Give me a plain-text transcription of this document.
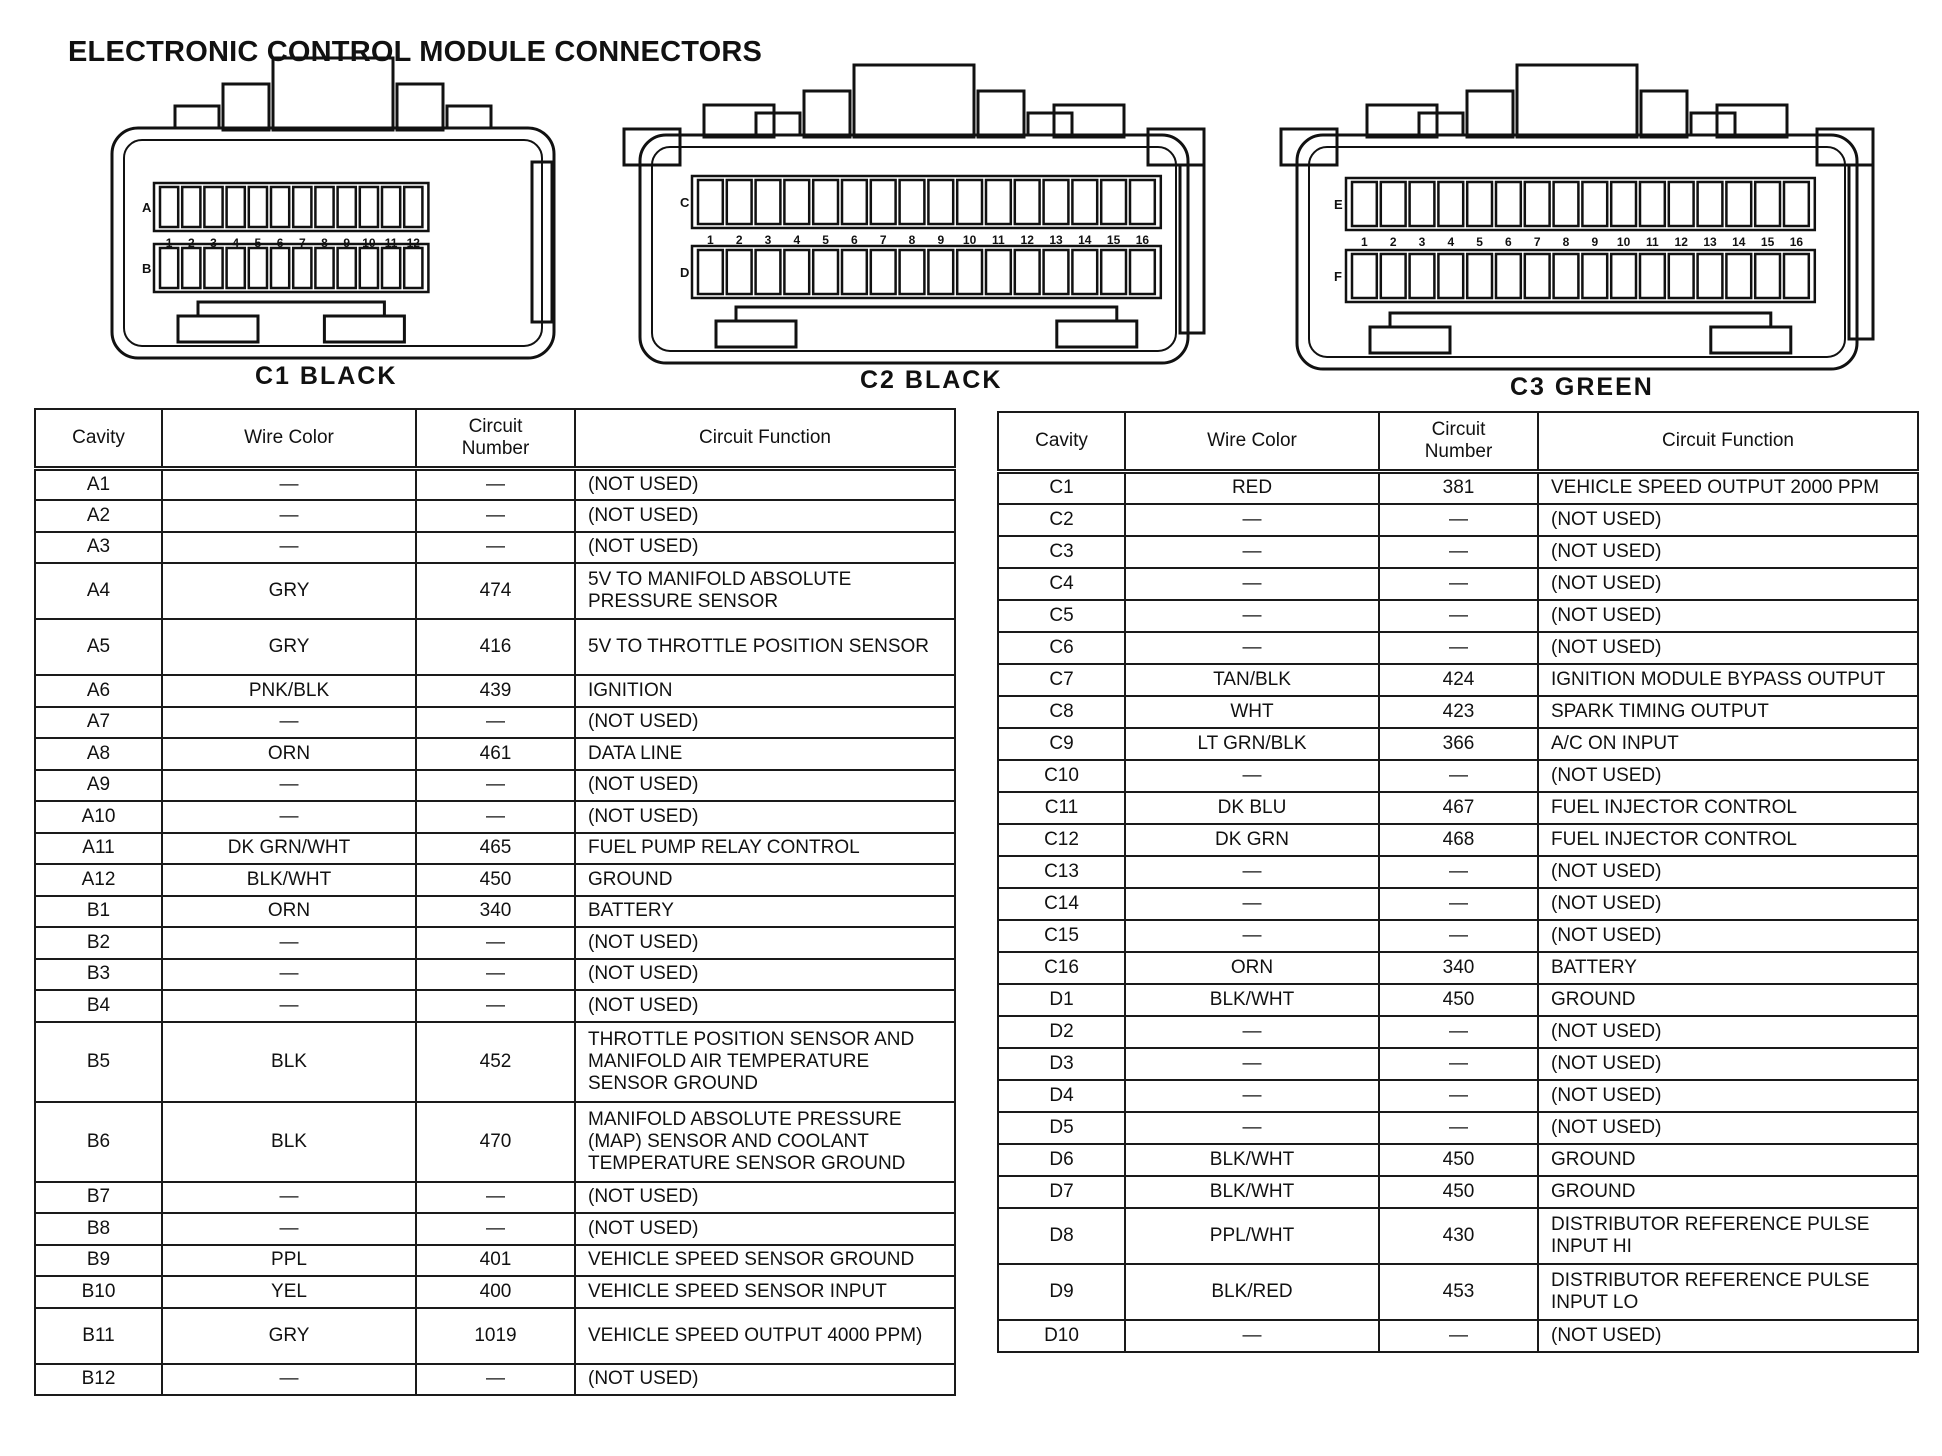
ELECTRONIC CONTROL MODULE CONNECTORS
A
B
1 2 3 4 5 6 7 8 9 10 11 12
C
D
1 2 3 4 5 6 7 8 9 10 11 12 13 14 15 16
E
F
1 2 3 4 5 6 7 8 9 10 11 12 13 14 15 16
C1 BLACK	C2 BLACK	C3 GREEN
Cavity	Wire Color	Circuit
Number	Circuit Function
A1	—	—	(NOT USED)
A2	—	—	(NOT USED)
A3	—	—	(NOT USED)
A4	GRY	474	5V TO MANIFOLD ABSOLUTE PRESSURE SENSOR
A5	GRY	416	5V TO THROTTLE POSITION SENSOR
A6	PNK/BLK	439	IGNITION
A7	—	—	(NOT USED)
A8	ORN	461	DATA LINE
A9	—	—	(NOT USED)
A10	—	—	(NOT USED)
A11	DK GRN/WHT	465	FUEL PUMP RELAY CONTROL
A12	BLK/WHT	450	GROUND
B1	ORN	340	BATTERY
B2	—	—	(NOT USED)
B3	—	—	(NOT USED)
B4	—	—	(NOT USED)
B5	BLK	452	THROTTLE POSITION SENSOR AND MANIFOLD AIR TEMPERATURE SENSOR GROUND
B6	BLK	470	MANIFOLD ABSOLUTE PRESSURE (MAP) SENSOR AND COOLANT TEMPERATURE SENSOR GROUND
B7	—	—	(NOT USED)
B8	—	—	(NOT USED)
B9	PPL	401	VEHICLE SPEED SENSOR GROUND
B10	YEL	400	VEHICLE SPEED SENSOR INPUT
B11	GRY	1019	VEHICLE SPEED OUTPUT 4000 PPM)
B12	—	—	(NOT USED)
Cavity	Wire Color	Circuit
Number	Circuit Function
C1	RED	381	VEHICLE SPEED OUTPUT 2000 PPM
C2	—	—	(NOT USED)
C3	—	—	(NOT USED)
C4	—	—	(NOT USED)
C5	—	—	(NOT USED)
C6	—	—	(NOT USED)
C7	TAN/BLK	424	IGNITION MODULE BYPASS OUTPUT
C8	WHT	423	SPARK TIMING OUTPUT
C9	LT GRN/BLK	366	A/C ON INPUT
C10	—	—	(NOT USED)
C11	DK BLU	467	FUEL INJECTOR CONTROL
C12	DK GRN	468	FUEL INJECTOR CONTROL
C13	—	—	(NOT USED)
C14	—	—	(NOT USED)
C15	—	—	(NOT USED)
C16	ORN	340	BATTERY
D1	BLK/WHT	450	GROUND
D2	—	—	(NOT USED)
D3	—	—	(NOT USED)
D4	—	—	(NOT USED)
D5	—	—	(NOT USED)
D6	BLK/WHT	450	GROUND
D7	BLK/WHT	450	GROUND
D8	PPL/WHT	430	DISTRIBUTOR REFERENCE PULSE INPUT HI
D9	BLK/RED	453	DISTRIBUTOR REFERENCE PULSE INPUT LO
D10	—	—	(NOT USED)
